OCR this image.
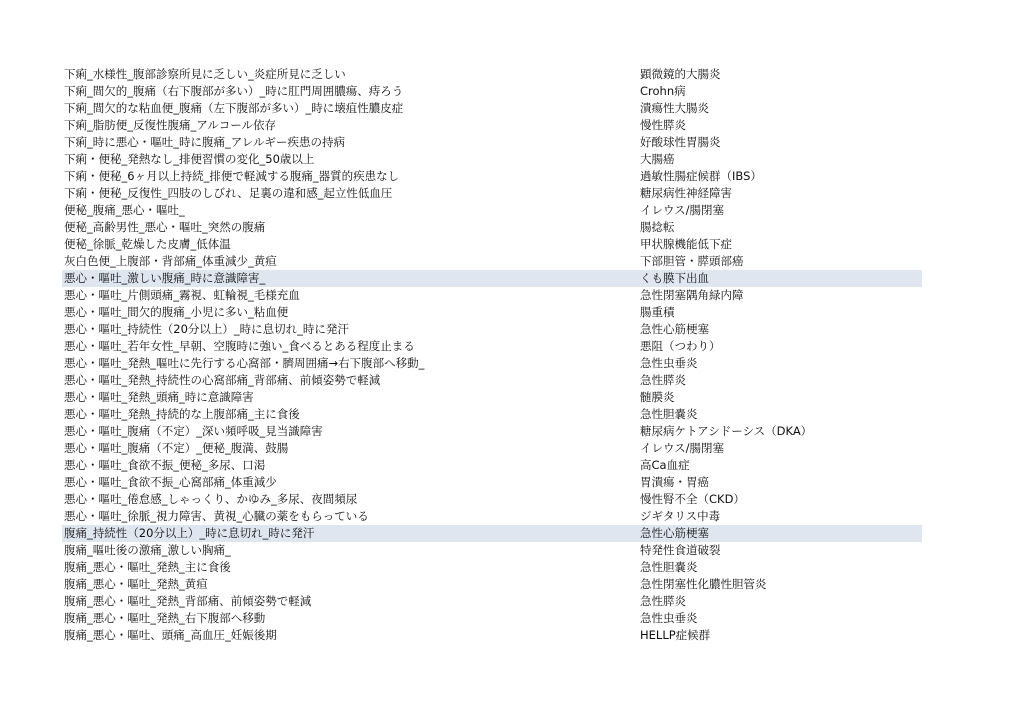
下痢_水様性_腹部診察所見に乏しい_炎症所見に乏しい	顕微鏡的大腸炎
下痢_間欠的_腹痛（右下腹部が多い）_時に肛門周囲膿瘍、痔ろう	Crohn病
下痢_間欠的な粘血便_腹痛（左下腹部が多い）_時に壊疽性膿皮症	潰瘍性大腸炎
下痢_脂肪便_反復性腹痛_アルコール依存	慢性膵炎
下痢_時に悪心・嘔吐_時に腹痛_アレルギー疾患の持病	好酸球性胃腸炎
下痢・便秘_発熱なし_排便習慣の変化_50歳以上	大腸癌
下痢・便秘_6ヶ月以上持続_排便で軽減する腹痛_器質的疾患なし	過敏性腸症候群（IBS）
下痢・便秘_反復性_四肢のしびれ、足裏の違和感_起立性低血圧	糖尿病性神経障害
便秘_腹痛_悪心・嘔吐_	イレウス/腸閉塞
便秘_高齢男性_悪心・嘔吐_突然の腹痛	腸捻転
便秘_徐脈_乾燥した皮膚_低体温	甲状腺機能低下症
灰白色便_上腹部・背部痛_体重減少_黄疸	下部胆管・膵頭部癌
悪心・嘔吐_激しい腹痛_時に意識障害_	くも膜下出血
悪心・嘔吐_片側頭痛_霧視、虹輪視_毛様充血	急性閉塞隅角緑内障
悪心・嘔吐_間欠的腹痛_小児に多い_粘血便	腸重積
悪心・嘔吐_持続性（20分以上）_時に息切れ_時に発汗	急性心筋梗塞
悪心・嘔吐_若年女性_早朝、空腹時に強い_食べるとある程度止まる	悪阻（つわり）
悪心・嘔吐_発熱_嘔吐に先行する心窩部・臍周囲痛→右下腹部へ移動_	急性虫垂炎
悪心・嘔吐_発熱_持続性の心窩部痛_背部痛、前傾姿勢で軽減	急性膵炎
悪心・嘔吐_発熱_頭痛_時に意識障害	髄膜炎
悪心・嘔吐_発熱_持続的な上腹部痛_主に食後	急性胆嚢炎
悪心・嘔吐_腹痛（不定）_深い頻呼吸_見当識障害	糖尿病ケトアシドーシス（DKA）
悪心・嘔吐_腹痛（不定）_便秘_腹満、鼓腸	イレウス/腸閉塞
悪心・嘔吐_食欲不振_便秘_多尿、口渇	高Ca血症
悪心・嘔吐_食欲不振_心窩部痛_体重減少	胃潰瘍・胃癌
悪心・嘔吐_倦怠感_しゃっくり、かゆみ_多尿、夜間頻尿	慢性腎不全（CKD）
悪心・嘔吐_徐脈_視力障害、黄視_心臓の薬をもらっている	ジギタリス中毒
腹痛_持続性（20分以上）_時に息切れ_時に発汗	急性心筋梗塞
腹痛_嘔吐後の激痛_激しい胸痛_	特発性食道破裂
腹痛_悪心・嘔吐_発熱_主に食後	急性胆嚢炎
腹痛_悪心・嘔吐_発熱_黄疸	急性閉塞性化膿性胆管炎
腹痛_悪心・嘔吐_発熱_背部痛、前傾姿勢で軽減	急性膵炎
腹痛_悪心・嘔吐_発熱_右下腹部へ移動	急性虫垂炎
腹痛_悪心・嘔吐、頭痛_高血圧_妊娠後期	HELLP症候群
